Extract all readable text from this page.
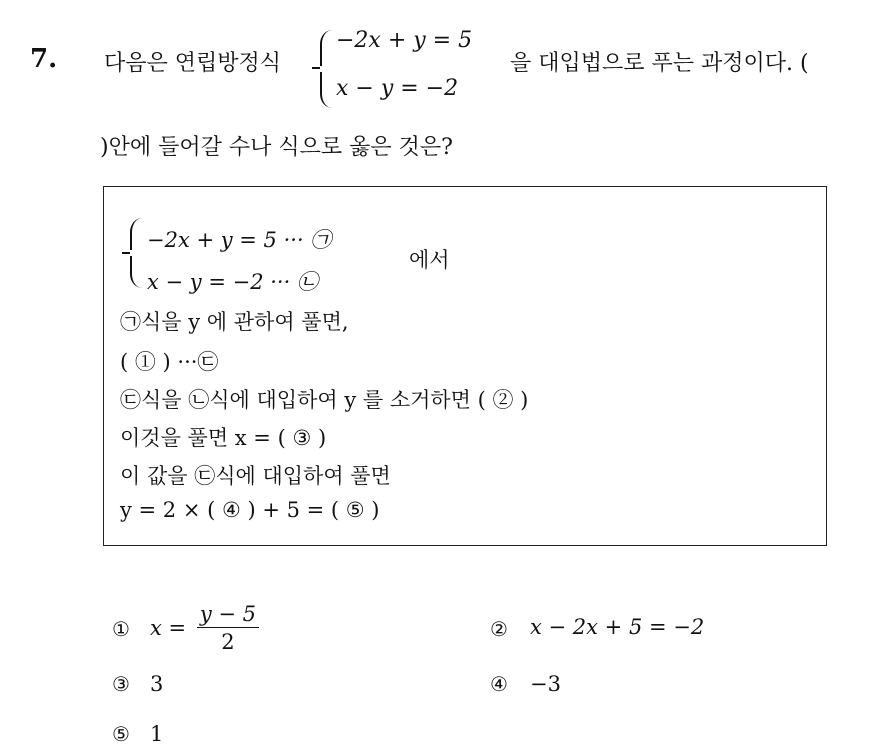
7. 다음은 연립방정식
−2x + y = 5
x − y = −2
을 대입법으로 푸는 과정이다. (
)안에 들어갈 수나 식으로 옳은 것은?
−2x + y = 5 ··· ㉠
x − y = −2 ··· ㉡
에서
㉠식을 y 에 관하여 풀면,
( ① ) ···㉢
㉢식을 ㉡식에 대입하여 y 를 소거하면 ( ② )
이것을 풀면 x = ( ③ )
이 값을 ㉢식에 대입하여 풀면
y = 2 × ( ④ ) + 5 = ( ⑤ )
① $x = \frac{y - 5}{2}$	② x − 2x + 5 = −2
③ 3	④ −3
⑤ 1
